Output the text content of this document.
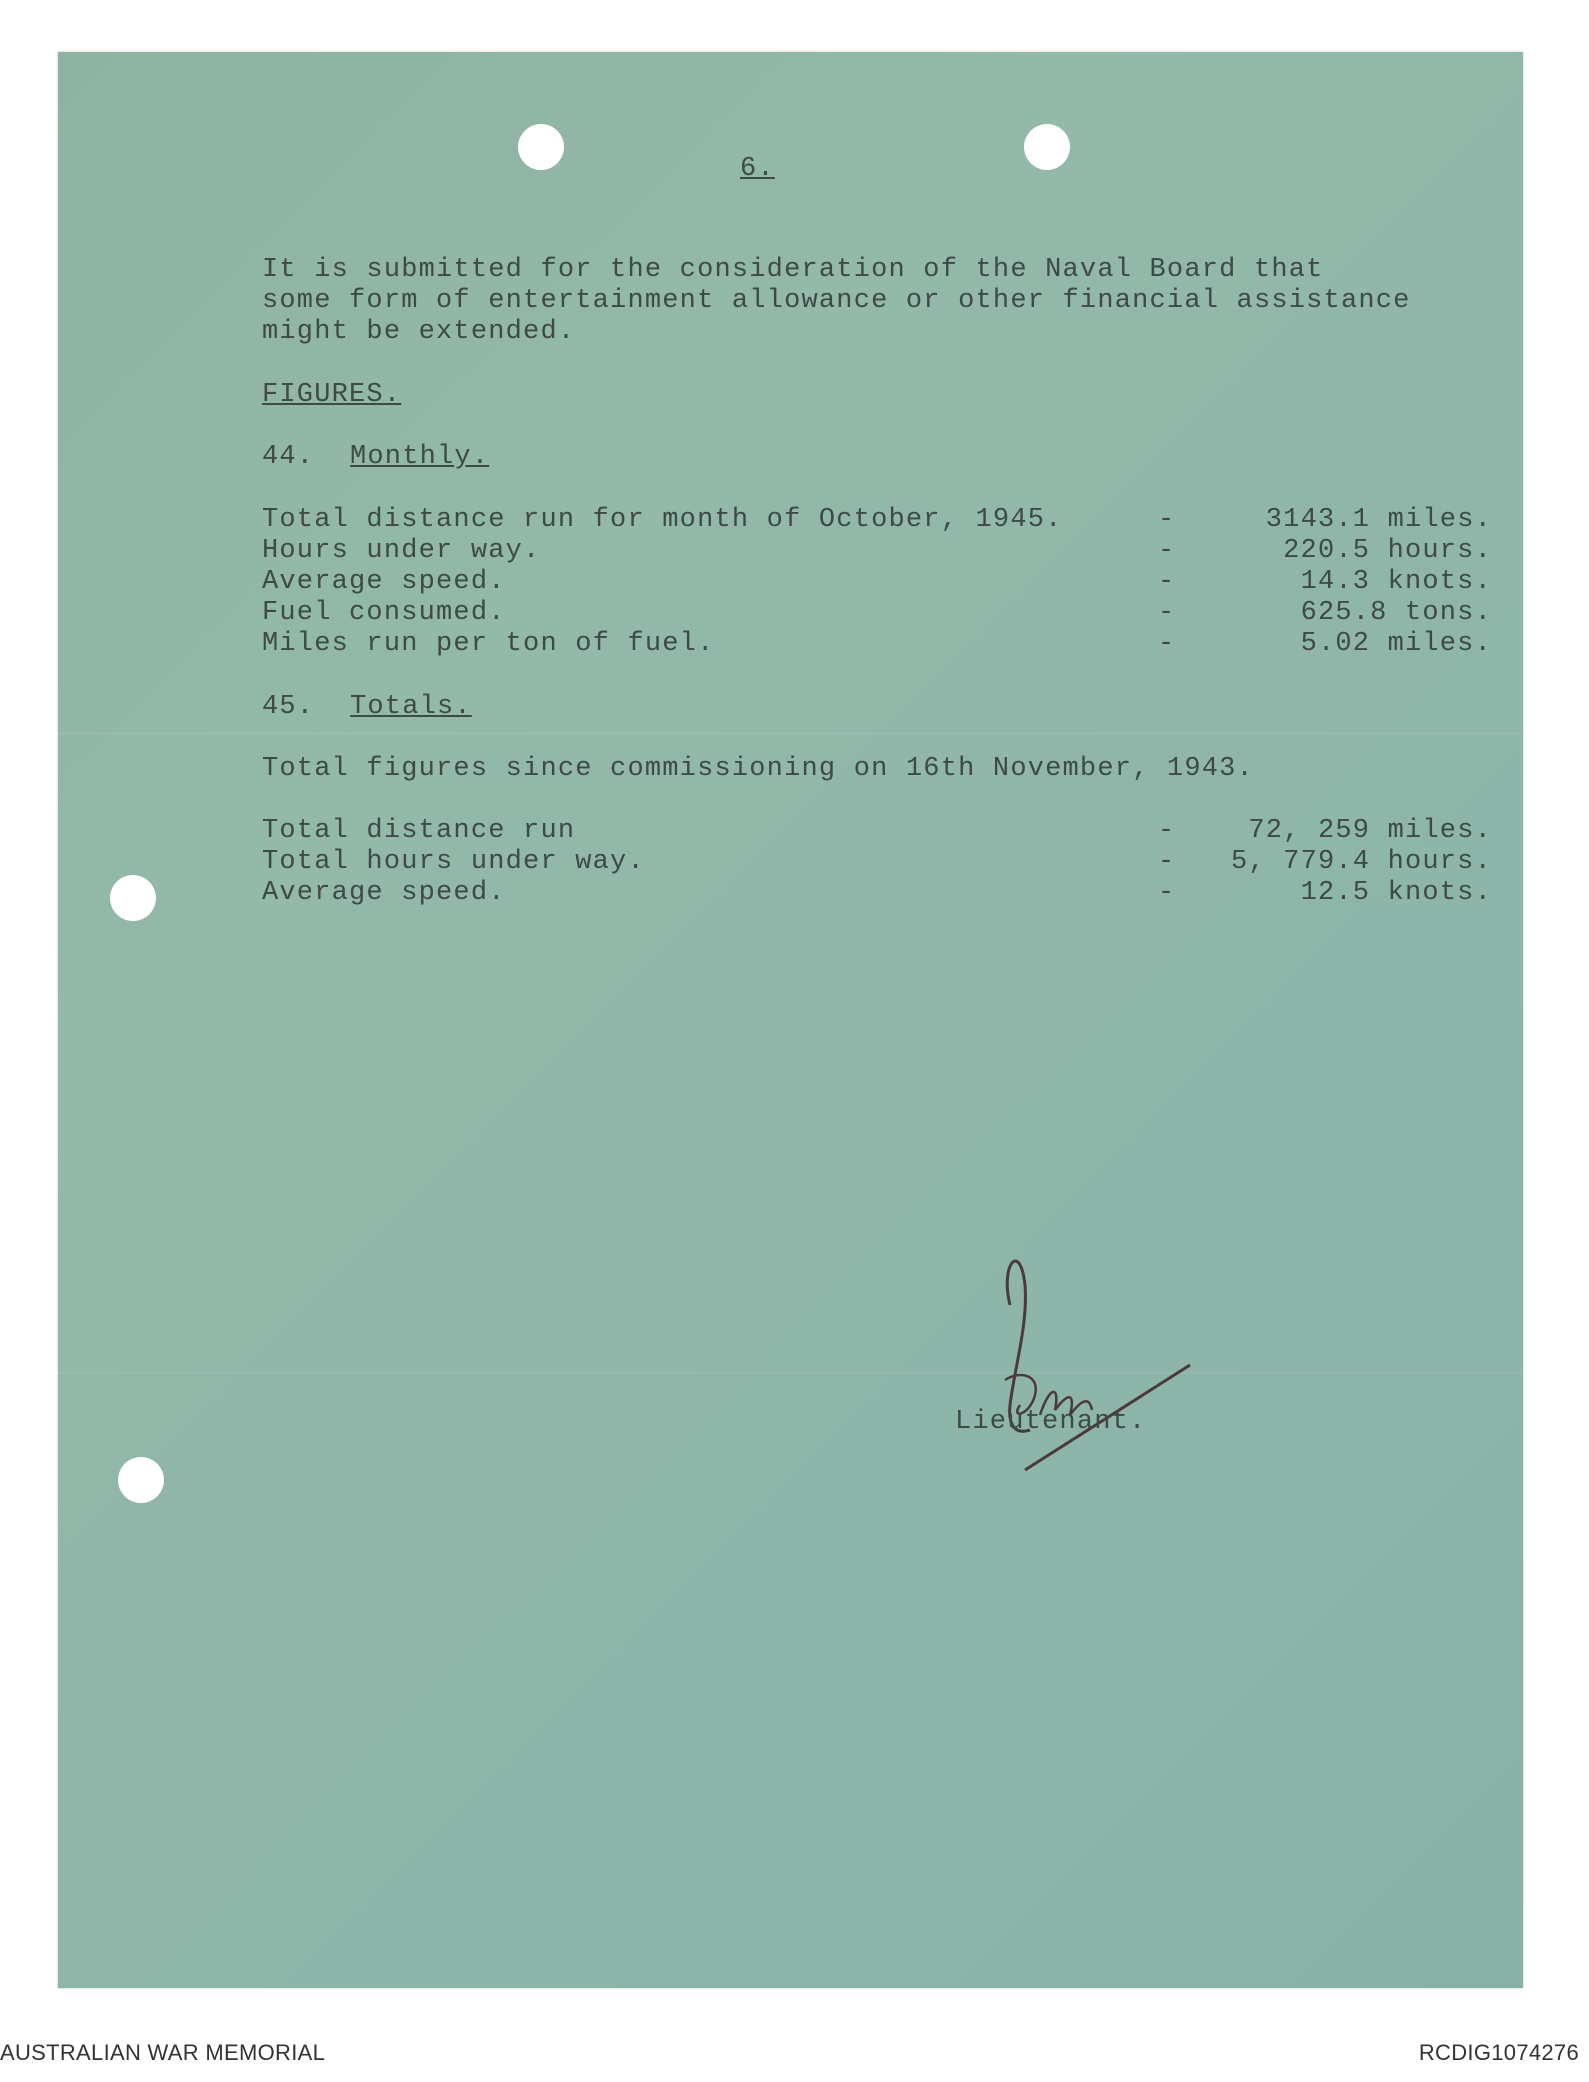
6.
It is submitted for the consideration of the Naval Board that
some form of entertainment allowance or other financial assistance
might be extended.
FIGURES.
44. Monthly.
Total distance run for month of October, 1945.	-	3143.1 miles.
Hours under way.	-	220.5 hours.
Average speed.	-	14.3 knots.
Fuel consumed.	-	625.8 tons.
Miles run per ton of fuel.	-	5.02 miles.
45. Totals.
Total figures since commissioning on 16th November, 1943.
Total distance run	-	72, 259 miles.
Total hours under way.	- 5, 779.4 hours.
Average speed.	-	12.5 knots.
Lieutenant.
AUSTRALIAN WAR MEMORIAL	RCDIG1074276
